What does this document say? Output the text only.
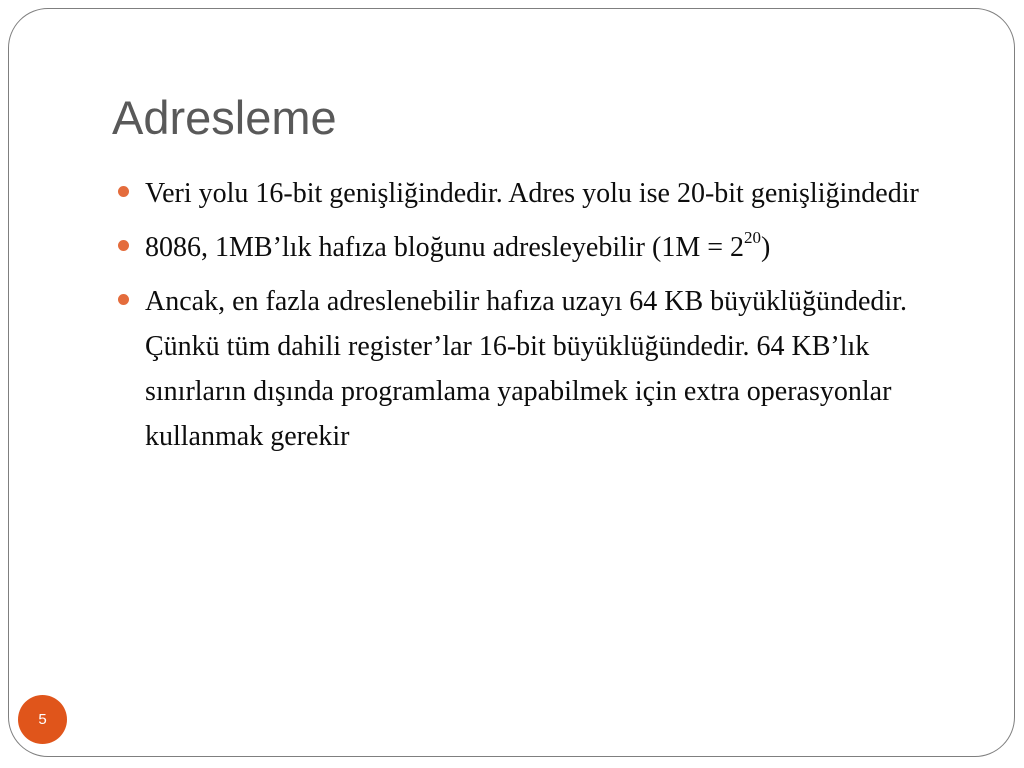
Adresleme
Veri yolu 16-bit genişliğindedir. Adres yolu ise 20-bit genişliğindedir
8086, 1MB’lık hafıza bloğunu adresleyebilir $(1M = 2^{20})$
Ancak, en fazla adreslenebilir hafıza uzayı 64 KB büyüklüğündedir. Çünkü tüm dahili register’lar 16-bit büyüklüğündedir. 64 KB’lık sınırların dışında programlama yapabilmek için extra operasyonlar kullanmak gerekir
5
